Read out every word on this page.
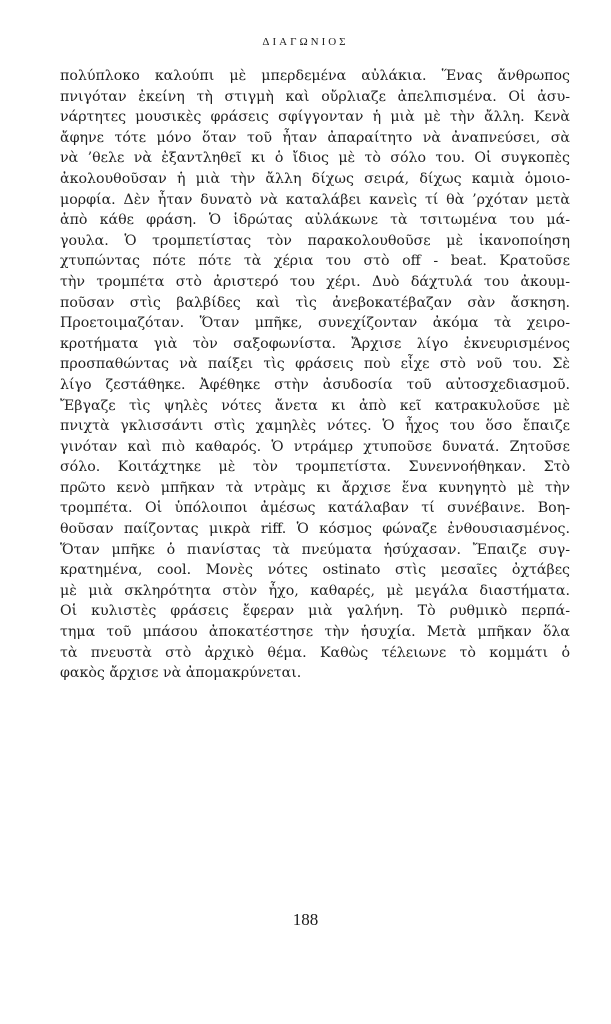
ΔΙΑΓΩΝΙΟΣ
πολύπλοκο καλούπι μὲ μπερδεμένα αὐλάκια. Ἕνας ἄνθρωπος
πνιγόταν ἐκείνη τὴ στιγμὴ καὶ οὔρλιαζε ἀπελπισμένα. Οἱ ἀσυ-
νάρτητες μουσικὲς φράσεις σφίγγονταν ἡ μιὰ μὲ τὴν ἄλλη. Κενὰ
ἄφηνε τότε μόνο ὅταν τοῦ ἦταν ἀπαραίτητο νὰ ἀναπνεύσει, σὰ
νὰ ’θελε νὰ ἐξαντληθεῖ κι ὁ ἴδιος μὲ τὸ σόλο του. Οἱ συγκοπὲς
ἀκολουθοῦσαν ἡ μιὰ τὴν ἄλλη δίχως σειρά, δίχως καμιὰ ὁμοιο-
μορφία. Δὲν ἦταν δυνατὸ νὰ καταλάβει κανεὶς τί θὰ ’ρχόταν μετὰ
ἀπὸ κάθε φράση. Ὁ ἱδρώτας αὐλάκωνε τὰ τσιτωμένα του μά-
γουλα. Ὁ τρομπετίστας τὸν παρακολουθοῦσε μὲ ἱκανοποίηση
χτυπώντας πότε πότε τὰ χέρια του στὸ off - beat. Κρατοῦσε
τὴν τρομπέτα στὸ ἀριστερό του χέρι. Δυὸ δάχτυλά του ἀκουμ-
ποῦσαν στὶς βαλβίδες καὶ τὶς ἀνεβοκατέβαζαν σὰν ἄσκηση.
Προετοιμαζόταν. Ὅταν μπῆκε, συνεχίζονταν ἀκόμα τὰ χειρο-
κροτήματα γιὰ τὸν σαξοφωνίστα. Ἄρχισε λίγο ἐκνευρισμένος
προσπαθώντας νὰ παίξει τὶς φράσεις ποὺ εἶχε στὸ νοῦ του. Σὲ
λίγο ζεστάθηκε. Ἀφέθηκε στὴν ἀσυδοσία τοῦ αὐτοσχεδιασμοῦ.
Ἔβγαζε τὶς ψηλὲς νότες ἄνετα κι ἀπὸ κεῖ κατρακυλοῦσε μὲ
πνιχτὰ γκλισσάντι στὶς χαμηλὲς νότες. Ὁ ἦχος του ὅσο ἔπαιζε
γινόταν καὶ πιὸ καθαρός. Ὁ ντράμερ χτυποῦσε δυνατά. Ζητοῦσε
σόλο. Κοιτάχτηκε μὲ τὸν τρομπετίστα. Συνεννοήθηκαν. Στὸ
πρῶτο κενὸ μπῆκαν τὰ ντρὰμς κι ἄρχισε ἕνα κυνηγητὸ μὲ τὴν
τρομπέτα. Οἱ ὑπόλοιποι ἀμέσως κατάλαβαν τί συνέβαινε. Βοη-
θοῦσαν παίζοντας μικρὰ riff. Ὁ κόσμος φώναζε ἐνθουσιασμένος.
Ὅταν μπῆκε ὁ πιανίστας τὰ πνεύματα ἡσύχασαν. Ἔπαιζε συγ-
κρατημένα, cool. Μονὲς νότες ostinato στὶς μεσαῖες ὀχτάβες
μὲ μιὰ σκληρότητα στὸν ἦχο, καθαρές, μὲ μεγάλα διαστήματα.
Οἱ κυλιστὲς φράσεις ἔφεραν μιὰ γαλήνη. Τὸ ρυθμικὸ περπά-
τημα τοῦ μπάσου ἀποκατέστησε τὴν ἡσυχία. Μετὰ μπῆκαν ὅλα
τὰ πνευστὰ στὸ ἀρχικὸ θέμα. Καθὼς τέλειωνε τὸ κομμάτι ὁ
φακὸς ἄρχισε νὰ ἀπομακρύνεται.
188
